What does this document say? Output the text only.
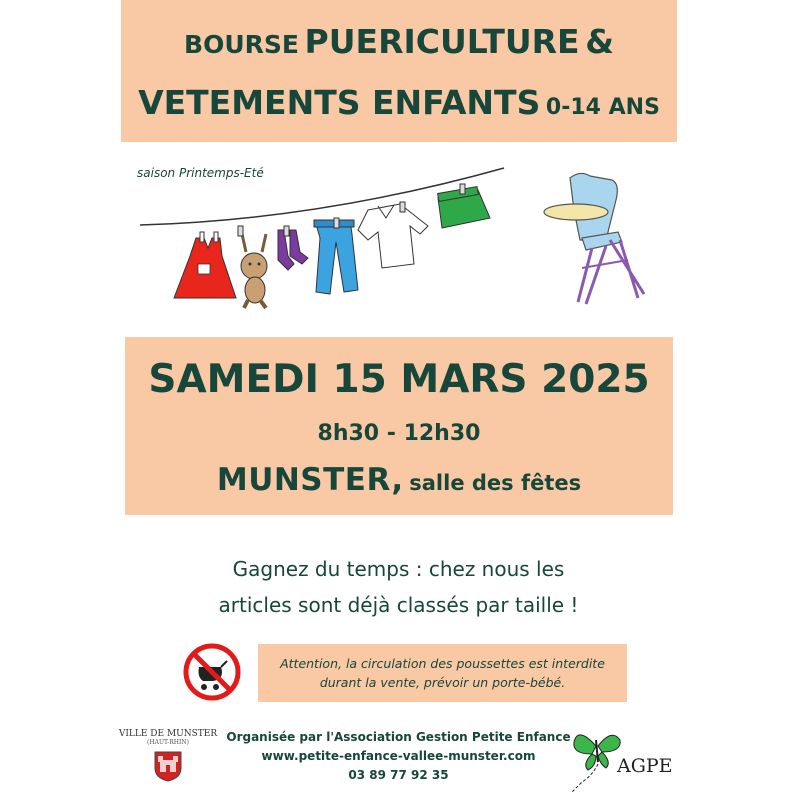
BOURSE PUERICULTURE &
VETEMENTS ENFANTS 0-14 ANS
saison Printemps-Eté
SAMEDI 15 MARS 2025
8h30 - 12h30
MUNSTER, salle des fêtes
Gagnez du temps : chez nous les
articles sont déjà classés par taille !
Attention, la circulation des poussettes est interdite
durant la vente, prévoir un porte-bébé.
VILLE DE MUNSTER
(HAUT-RHIN)	Organisée par l'Association Gestion Petite Enfance
www.petite-enfance-vallee-munster.com
03 89 77 92 35	AGPE
